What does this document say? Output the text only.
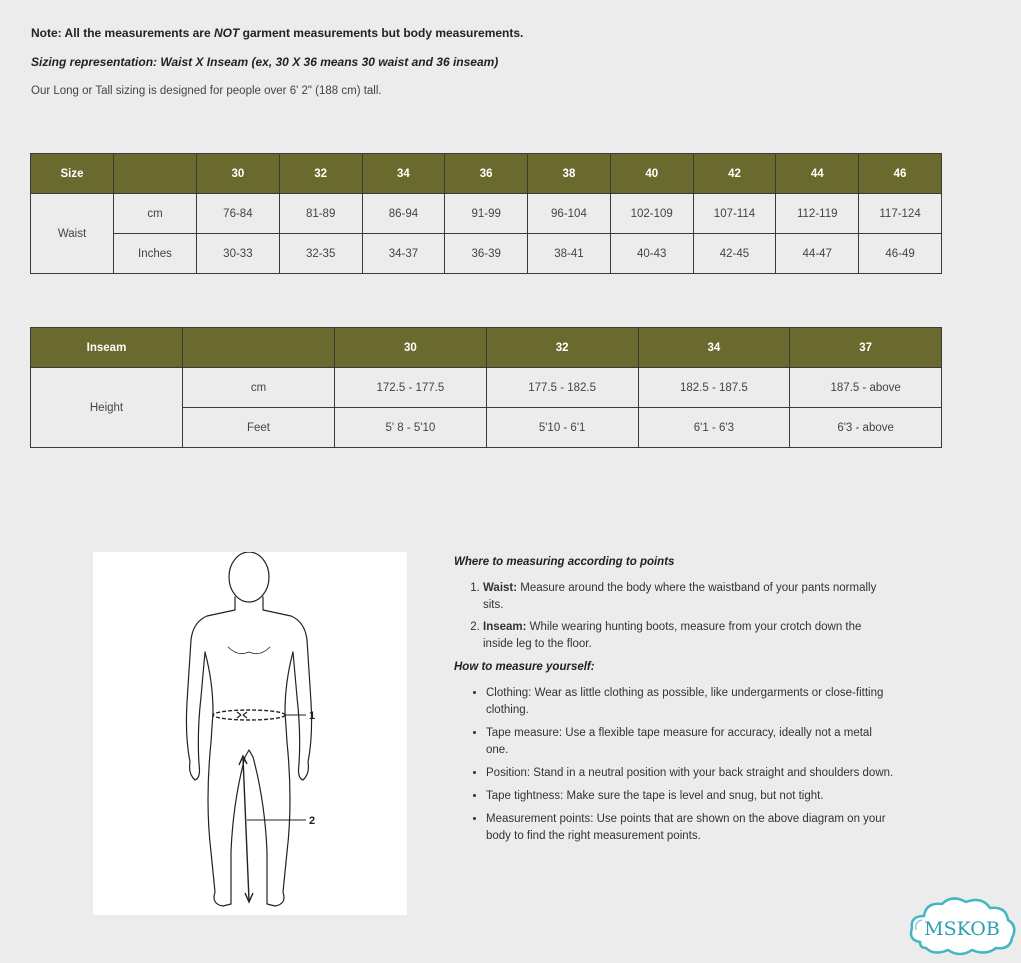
Note: All the measurements are NOT garment measurements but body measurements.
Sizing representation: Waist X Inseam (ex, 30 X 36 means 30 waist and 36 inseam)
Our Long or Tall sizing is designed for people over 6' 2" (188 cm) tall.
Size		30	32	34	36	38	40	42	44	46
Waist	cm	76-84	81-89	86-94	91-99	96-104	102-109	107-114	112-119	117-124
	Inches	30-33	32-35	34-37	36-39	38-41	40-43	42-45	44-47	46-49
Inseam		30	32	34	37
Height	cm	172.5 - 177.5	177.5 - 182.5	182.5 - 187.5	187.5 - above
	Feet	5' 8 - 5'10	5'10 - 6'1	6'1 - 6'3	6'3 - above
1
2
Where to measuring according to points
1. Waist: Measure around the body where the waistband of your pants normally sits.
2. Inseam: While wearing hunting boots, measure from your crotch down the inside leg to the floor.
How to measure yourself:
• Clothing: Wear as little clothing as possible, like undergarments or close-fitting clothing.
• Tape measure: Use a flexible tape measure for accuracy, ideally not a metal one.
• Position: Stand in a neutral position with your back straight and shoulders down.
• Tape tightness: Make sure the tape is level and snug, but not tight.
• Measurement points: Use points that are shown on the above diagram on your body to find the right measurement points.
MSKOB
